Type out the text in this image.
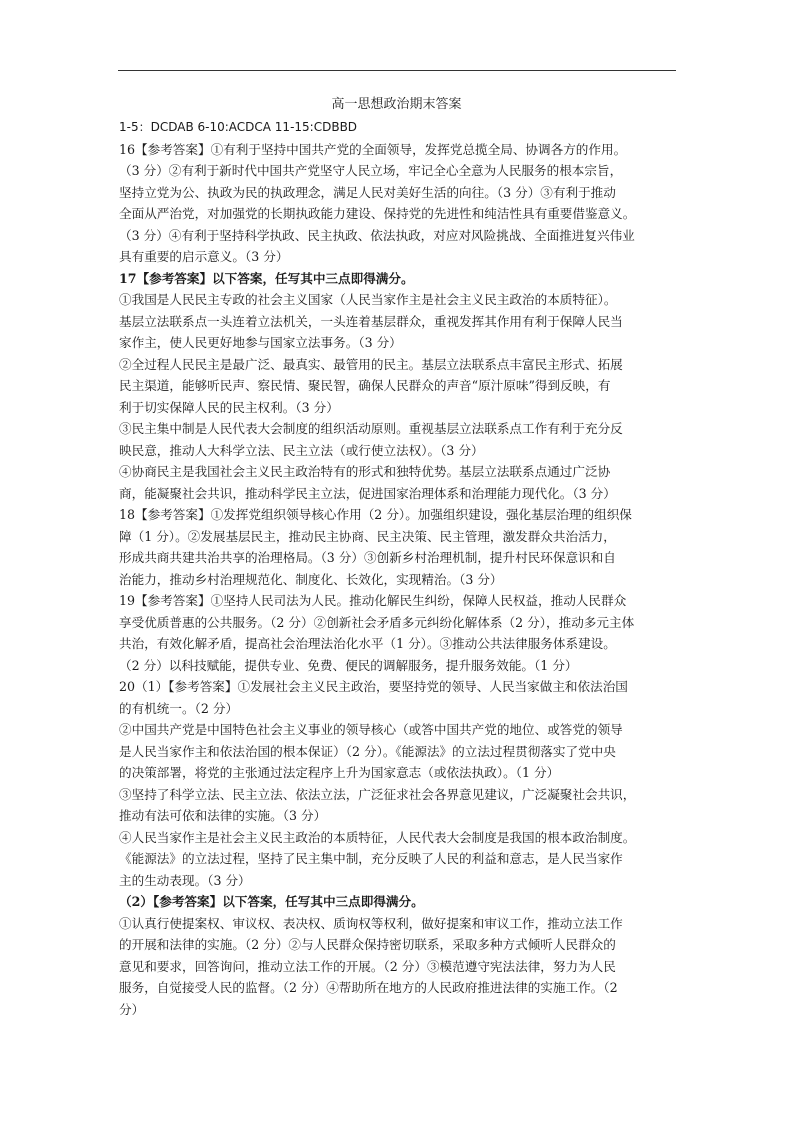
高一思想政治期末答案
1-5：DCDAB 6-10:ACDCA 11-15:CDBBD
16【参考答案】①有利于坚持中国共产党的全面领导，发挥党总揽全局、协调各方的作用。
（3 分）②有利于新时代中国共产党坚守人民立场，牢记全心全意为人民服务的根本宗旨，
坚持立党为公、执政为民的执政理念，满足人民对美好生活的向往。（3 分）③有利于推动
全面从严治党，对加强党的长期执政能力建设、保持党的先进性和纯洁性具有重要借鉴意义。
（3 分）④有利于坚持科学执政、民主执政、依法执政，对应对风险挑战、全面推进复兴伟业
具有重要的启示意义。（3 分）
17【参考答案】以下答案，任写其中三点即得满分。
①我国是人民民主专政的社会主义国家（人民当家作主是社会主义民主政治的本质特征）。
基层立法联系点一头连着立法机关，一头连着基层群众，重视发挥其作用有利于保障人民当
家作主，使人民更好地参与国家立法事务。（3 分）
②全过程人民民主是最广泛、最真实、最管用的民主。基层立法联系点丰富民主形式、拓展
民主渠道，能够听民声、察民情、聚民智，确保人民群众的声音“原汁原味”得到反映，有
利于切实保障人民的民主权利。（3 分）
③民主集中制是人民代表大会制度的组织活动原则。重视基层立法联系点工作有利于充分反
映民意，推动人大科学立法、民主立法（或行使立法权）。（3 分）
④协商民主是我国社会主义民主政治特有的形式和独特优势。基层立法联系点通过广泛协
商，能凝聚社会共识，推动科学民主立法，促进国家治理体系和治理能力现代化。（3 分）
18【参考答案】①发挥党组织领导核心作用（2 分）。加强组织建设，强化基层治理的组织保
障（1 分）。②发展基层民主，推动民主协商、民主决策、民主管理，激发群众共治活力，
形成共商共建共治共享的治理格局。（3 分）③创新乡村治理机制，提升村民环保意识和自
治能力，推动乡村治理规范化、制度化、长效化，实现精治。（3 分）
19【参考答案】①坚持人民司法为人民。推动化解民生纠纷，保障人民权益，推动人民群众
享受优质普惠的公共服务。（2 分）②创新社会矛盾多元纠纷化解体系（2 分），推动多元主体
共治，有效化解矛盾，提高社会治理法治化水平（1 分）。③推动公共法律服务体系建设。
（2 分）以科技赋能，提供专业、免费、便民的调解服务，提升服务效能。（1 分）
20（1）【参考答案】①发展社会主义民主政治，要坚持党的领导、人民当家做主和依法治国
的有机统一。（2 分）
②中国共产党是中国特色社会主义事业的领导核心（或答中国共产党的地位、或答党的领导
是人民当家作主和依法治国的根本保证）（2 分）。《能源法》的立法过程贯彻落实了党中央
的决策部署，将党的主张通过法定程序上升为国家意志（或依法执政）。（1 分）
③坚持了科学立法、民主立法、依法立法，广泛征求社会各界意见建议，广泛凝聚社会共识，
推动有法可依和法律的实施。（3 分）
④人民当家作主是社会主义民主政治的本质特征，人民代表大会制度是我国的根本政治制度。
《能源法》的立法过程，坚持了民主集中制，充分反映了人民的利益和意志，是人民当家作
主的生动表现。（3 分）
（2）【参考答案】以下答案，任写其中三点即得满分。
①认真行使提案权、审议权、表决权、质询权等权利，做好提案和审议工作，推动立法工作
的开展和法律的实施。（2 分）②与人民群众保持密切联系，采取多种方式倾听人民群众的
意见和要求，回答询问，推动立法工作的开展。（2 分）③模范遵守宪法法律，努力为人民
服务，自觉接受人民的监督。（2 分）④帮助所在地方的人民政府推进法律的实施工作。（2
分）
